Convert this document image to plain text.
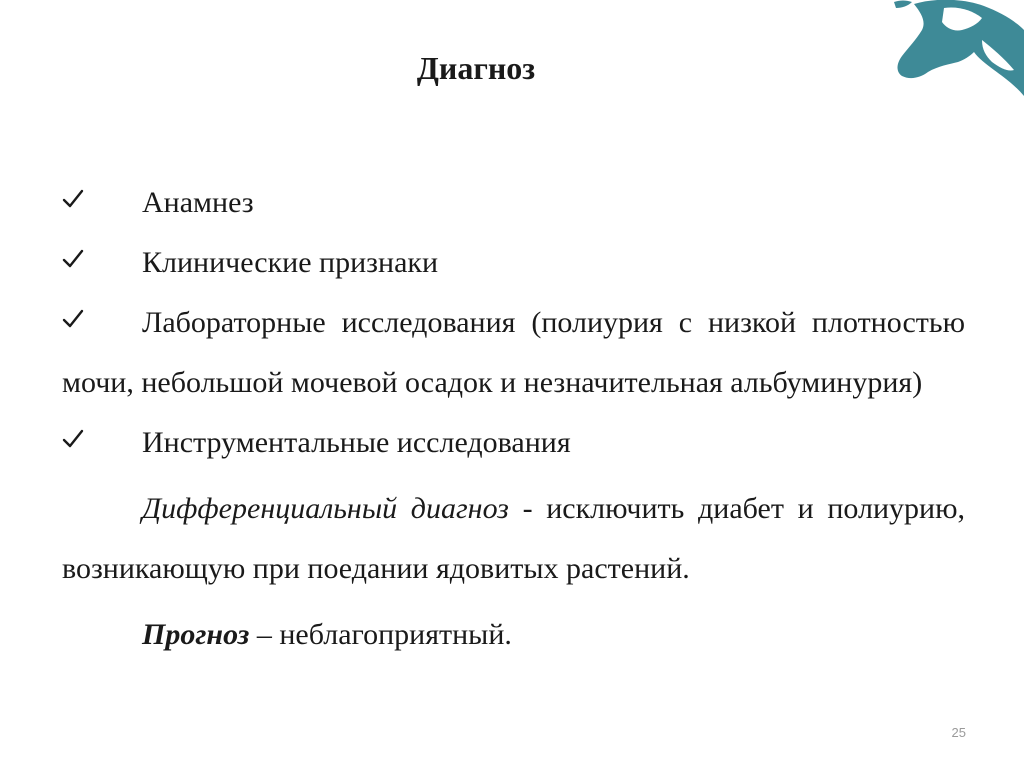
Диагноз
Анамнез
Клинические признаки
Лабораторные исследования (полиурия с низкой плотностью мочи, небольшой мочевой осадок и незначительная альбуминурия)
Инструментальные исследования
Дифференциальный диагноз - исключить диабет и полиурию, возникающую при поедании ядовитых растений.
Прогноз – неблагоприятный.
25
